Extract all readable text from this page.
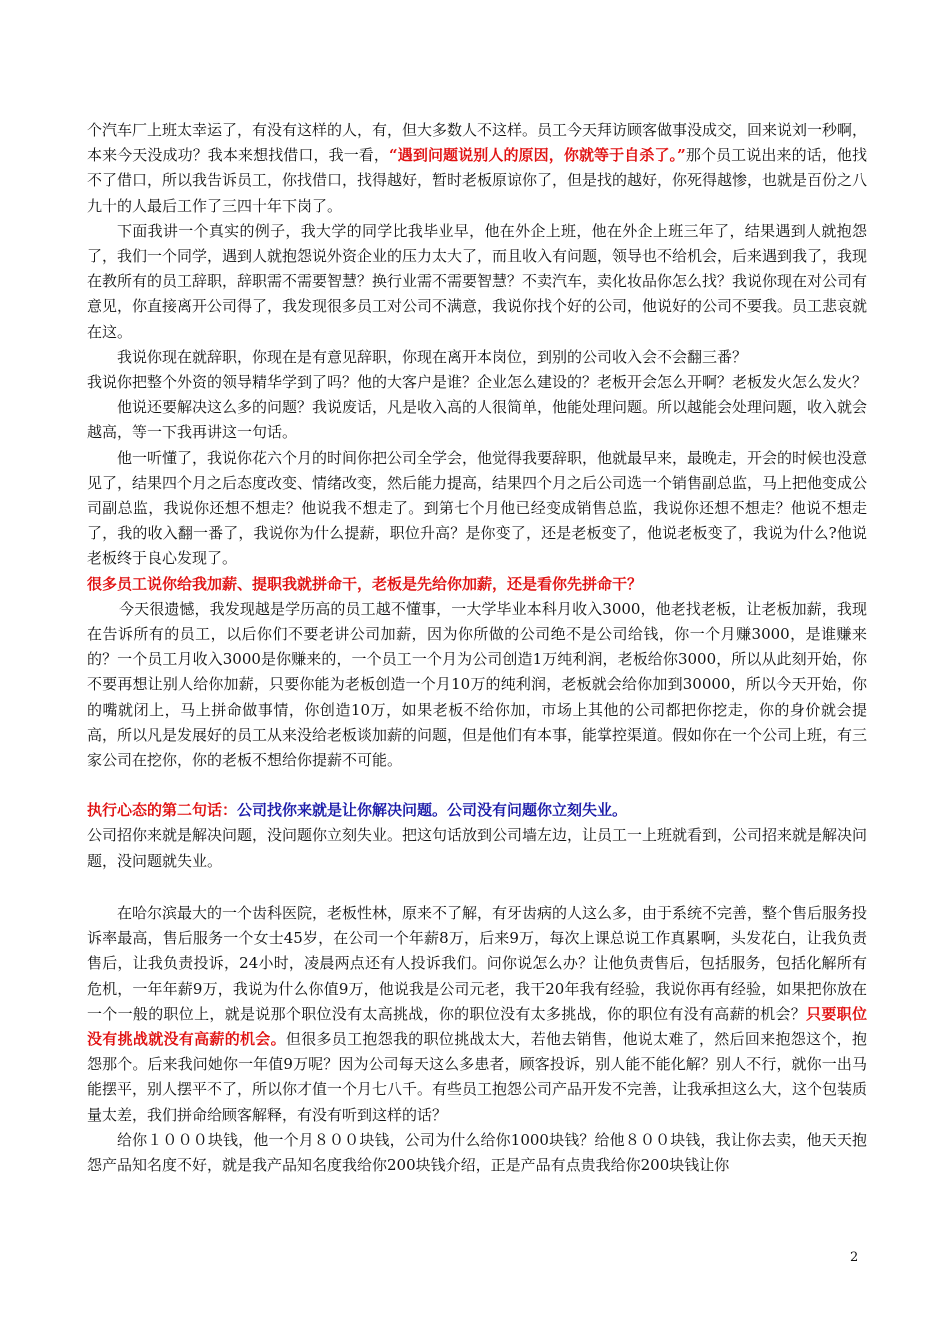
个汽车厂上班太幸运了，有没有这样的人，有，但大多数人不这样。员工今天拜访顾客做事没成交，回来说刘一秒啊，本来今天没成功？我本来想找借口，我一看，“遇到问题说别人的原因，你就等于自杀了。”那个员工说出来的话，他找不了借口，所以我告诉员工，你找借口，找得越好，暂时老板原谅你了，但是找的越好，你死得越惨，也就是百份之八九十的人最后工作了三四十年下岗了。

下面我讲一个真实的例子，我大学的同学比我毕业早，他在外企上班，他在外企上班三年了，结果遇到人就抱怨了，我们一个同学，遇到人就抱怨说外资企业的压力太大了，而且收入有问题，领导也不给机会，后来遇到我了，我现在教所有的员工辞职，辞职需不需要智慧？换行业需不需要智慧？不卖汽车，卖化妆品你怎么找？我说你现在对公司有意见，你直接离开公司得了，我发现很多员工对公司不满意，我说你找个好的公司，他说好的公司不要我。员工悲哀就在这。

我说你现在就辞职，你现在是有意见辞职，你现在离开本岗位，到别的公司收入会不会翻三番？

我说你把整个外资的领导精华学到了吗？他的大客户是谁？企业怎么建设的？老板开会怎么开啊？老板发火怎么发火？

他说还要解决这么多的问题？我说废话，凡是收入高的人很简单，他能处理问题。所以越能会处理问题，收入就会越高，等一下我再讲这一句话。

他一听懂了，我说你花六个月的时间你把公司全学会，他觉得我要辞职，他就最早来，最晚走，开会的时候也没意见了，结果四个月之后态度改变、情绪改变，然后能力提高，结果四个月之后公司选一个销售副总监，马上把他变成公司副总监，我说你还想不想走？他说我不想走了。到第七个月他已经变成销售总监，我说你还想不想走？他说不想走了，我的收入翻一番了，我说你为什么提薪，职位升高？是你变了，还是老板变了，他说老板变了，我说为什么?他说老板终于良心发现了。

很多员工说你给我加薪、提职我就拼命干，老板是先给你加薪，还是看你先拼命干？

今天很遗憾，我发现越是学历高的员工越不懂事，一大学毕业本科月收入3000，他老找老板，让老板加薪，我现在告诉所有的员工，以后你们不要老讲公司加薪，因为你所做的公司绝不是公司给钱，你一个月赚3000，是谁赚来的？一个员工月收入3000是你赚来的，一个员工一个月为公司创造1万纯利润，老板给你3000，所以从此刻开始，你不要再想让别人给你加薪，只要你能为老板创造一个月10万的纯利润，老板就会给你加到30000，所以今天开始，你的嘴就闭上，马上拼命做事情，你创造10万，如果老板不给你加，市场上其他的公司都把你挖走，你的身价就会提高，所以凡是发展好的员工从来没给老板谈加薪的问题，但是他们有本事，能掌控渠道。假如你在一个公司上班，有三家公司在挖你，你的老板不想给你提薪不可能。

执行心态的第二句话：公司找你来就是让你解决问题。公司没有问题你立刻失业。

公司招你来就是解决问题，没问题你立刻失业。把这句话放到公司墙左边，让员工一上班就看到，公司招来就是解决问题，没问题就失业。

在哈尔滨最大的一个齿科医院，老板性林，原来不了解，有牙齿病的人这么多，由于系统不完善，整个售后服务投诉率最高，售后服务一个女士45岁，在公司一个年薪8万，后来9万，每次上课总说工作真累啊，头发花白，让我负责售后，让我负责投诉，24小时，凌晨两点还有人投诉我们。问你说怎么办？让他负责售后，包括服务，包括化解所有危机，一年年薪9万，我说为什么你值9万，他说我是公司元老，我干20年我有经验，我说你再有经验，如果把你放在一个一般的职位上，就是说那个职位没有太高挑战，你的职位没有太多挑战，你的职位有没有高薪的机会？只要职位没有挑战就没有高薪的机会。但很多员工抱怨我的职位挑战太大，若他去销售，他说太难了，然后回来抱怨这个，抱怨那个。后来我问她你一年值9万呢？因为公司每天这么多患者，顾客投诉，别人能不能化解？别人不行，就你一出马能摆平，别人摆平不了，所以你才值一个月七八千。有些员工抱怨公司产品开发不完善，让我承担这么大，这个包装质量太差，我们拼命给顾客解释，有没有听到这样的话？

给你１０００块钱，他一个月８００块钱，公司为什么给你1000块钱？给他８００块钱，我让你去卖，他天天抱怨产品知名度不好，就是我产品知名度我给你200块钱介绍，正是产品有点贵我给你200块钱让你

2
